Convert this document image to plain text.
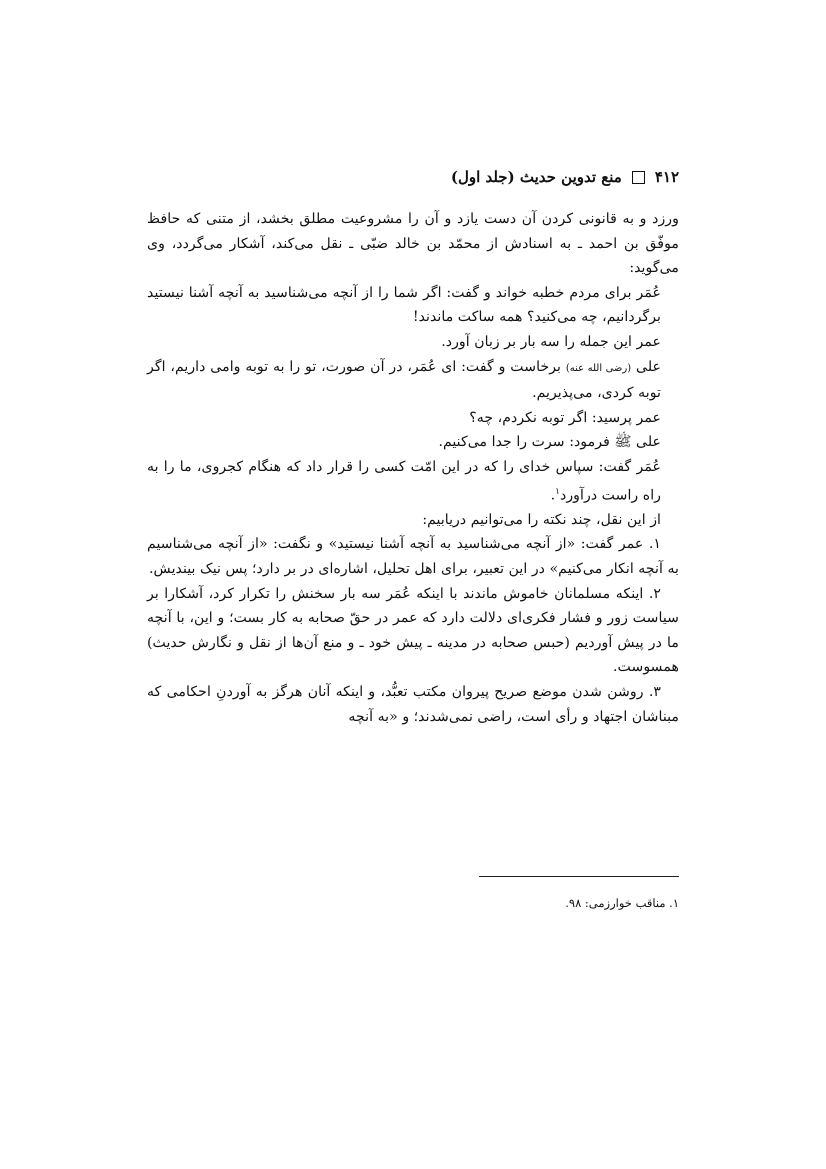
۴۱۲
منع تدوین حدیث (جلد اول)

ورزد و به قانونی کردن آن دست یازد و آن را مشروعیت مطلق بخشد، از متنی که حافظ موفّق بن احمد ـ به اسنادش از محمّد بن خالد ضبّی ـ نقل می‌کند، آشکار می‌گردد، وی می‌گوید:

عُمَر برای مردم خطبه خواند و گفت: اگر شما را از آنچه می‌شناسید به آنچه آشنا نیستید برگردانیم، چه می‌کنید؟ همه ساکت ماندند!

عمر این جمله را سه بار بر زبان آورد.

علی (رضی الله عنه) برخاست و گفت: ای عُمَر، در آن صورت، تو را به توبه وامی داریم، اگر توبه کردی، می‌پذیریم.

عمر پرسید: اگر توبه نکردم، چه؟

علی ﷺ فرمود: سرت را جدا می‌کنیم.

عُمَر گفت: سپاس خدای را که در این امّت کسی را قرار داد که هنگام کجروی، ما را به راه راست درآورد$^۱$.

از این نقل، چند نکته را می‌توانیم دریابیم:

۱. عمر گفت: «از آنچه می‌شناسید به آنچه آشنا نیستید» و نگفت: «از آنچه می‌شناسیم به آنچه انکار می‌کنیم» در این تعبیر، برای اهل تحلیل، اشاره‌ای در بر دارد؛ پس نیک بیندیش.

۲. اینکه مسلمانان خاموش ماندند با اینکه عُمَر سه بار سخنش را تکرار کرد، آشکارا بر سیاست زور و فشار فکری‌ای دلالت دارد که عمر در حقّ صحابه به کار بست؛ و این، با آنچه ما در پیش آوردیم (حبس صحابه در مدینه ـ پیش خود ـ و منع آن‌ها از نقل و نگارش حدیث) همسوست.

۳. روشن شدن موضع صریح پیروان مکتب تعبُّد، و اینکه آنان هرگز به آوردنِ احکامی که مبناشان اجتهاد و رأی است، راضی نمی‌شدند؛ و «به آنچه

۱. مناقب خوارزمی: ۹۸.
